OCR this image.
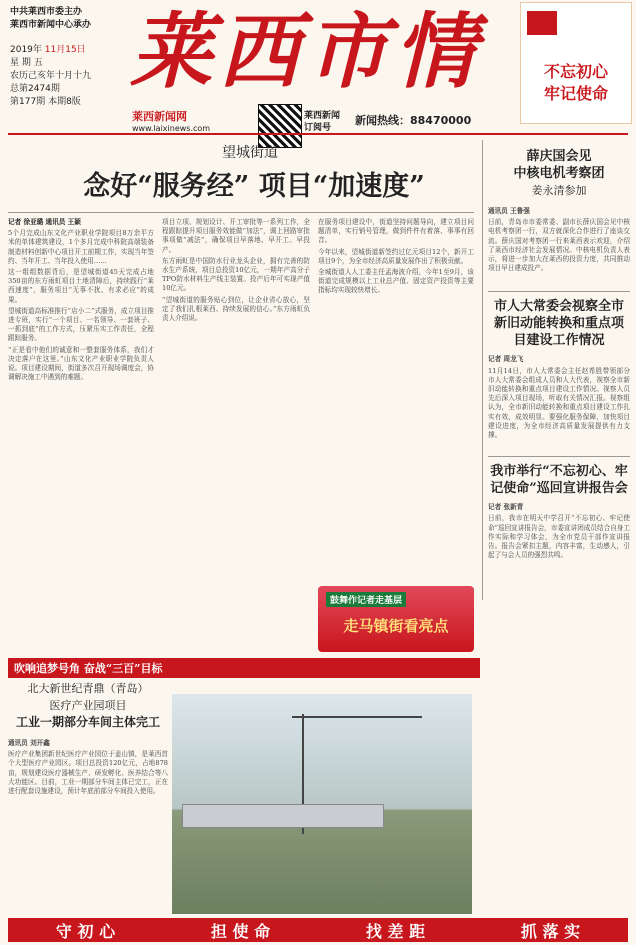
中共莱西市委主办
莱西市新闻中心承办
2019年 11月15日
星 期 五
农历己亥年十月十九
总第2474期
第177期 本期8版
莱西市情
莱西新闻网
www.laixinews.com
莱西新闻
订阅号
新闻热线：88470000
不忘初心
牢记使命
望城街道
念好“服务经” 项目“加速度”
记者 徐亚璐 通讯员 王颖

5个月完成山东文化产业职业学院项目8万余平方米的单体建筑建设，1个多月完成中科院高端装备制造材料创新中心项目开工前期工作，实现当年签约、当年开工、当年投入使用……

这一组组数据背后，是望城街道45天完成占地350亩的东方雨虹项目土地清障后，持续践行“莱西速度”，服务项目“无事不扰、有求必应”的成果。

望城街道高标准推行“店小二”式服务，成立项目推进专班，实行“一个项目、一名领导、一套班子、一抓到底”的工作方式，压紧压实工作责任，全程跟踪服务。

“正是看中他们的诚意和一整套服务体系，我们才决定落户在这里。”山东文化产业职业学院负责人说。项目建设期间，街道多次召开现场调度会，协调解决施工中遇到的难题。

项目立项、规划设计、开工审批等一系列工作，全程跟踪提升项目服务效能做“加法”，调上回路审批事项做“减法”，确保项目早落地、早开工、早投产。

东方雨虹是中国防水行业龙头企业，拥有完善的防水生产系统，项目总投资10亿元，一期年产高分子TPO防水材料生产线主装置。投产后年可实现产值10亿元。

“望城街道的服务贴心到位，让企业省心放心，坚定了我们扎根莱西、持续发展的信心。”东方雨虹负责人介绍说。

在服务项目建设中，街道坚持问题导向，建立项目问题清单，实行销号管理，做到件件有着落、事事有回音。

今年以来，望城街道新签约过亿元项目12个，新开工项目9个，为全市经济高质量发展作出了积极贡献。

全城街道人人工委主任孟海波介绍，今年1至9月，该街道完成规模以上工业总产值、固定资产投资等主要指标均实现较快增长。

鼓舞作记者走基层
走马镇街看亮点
薛庆国会见
中核电机考察团
姜永清参加
通讯员 王鲁强

日前，青岛市市委常委、副市长薛庆国会见中核电机考察团一行，双方就深化合作进行了座谈交流。薛庆国对考察团一行来莱西表示欢迎，介绍了莱西市经济社会发展情况。中核电机负责人表示，将进一步加大在莱西的投资力度，共同推动项目早日建成投产。

市人大常委会视察全市新旧动能转换和重点项目建设工作情况
记者 周龙飞

11月14日，市人大常委会主任赵希胜带领部分市人大常委会组成人员和人大代表，视察全市新旧动能转换和重点项目建设工作情况。视察人员先后深入项目现场，听取有关情况汇报。视察组认为，全市新旧动能转换和重点项目建设工作扎实有效，成效明显。要强化服务保障，加快项目建设进度，为全市经济高质量发展提供有力支撑。

我市举行“不忘初心、牢记使命”巡回宣讲报告会
记者 张新青

日前，我市在明天中学召开“不忘初心、牢记使命”巡回宣讲报告会，市委宣讲团成员结合自身工作实际和学习体会，为全市党员干部作宣讲报告。报告会紧扣主题，内容丰富，生动感人，引起了与会人员的强烈共鸣。

吹响追梦号角 奋战“三百”目标
北大新世纪青鼎（青岛）
医疗产业园项目
工业一期部分车间主体完工
通讯员 刘开鑫

医疗产业集团新世纪医疗产业园位于姜山镇，是莱西首个大型医疗产业园区。项目总投资120亿元，占地878亩，规划建设医疗器械生产、研发孵化、医养结合等八大功能区。目前，工业一期部分车间主体已完工，正在进行配套设施建设，预计年底前部分车间投入使用。

守 初 心	担 使 命	找 差 距	抓 落 实
